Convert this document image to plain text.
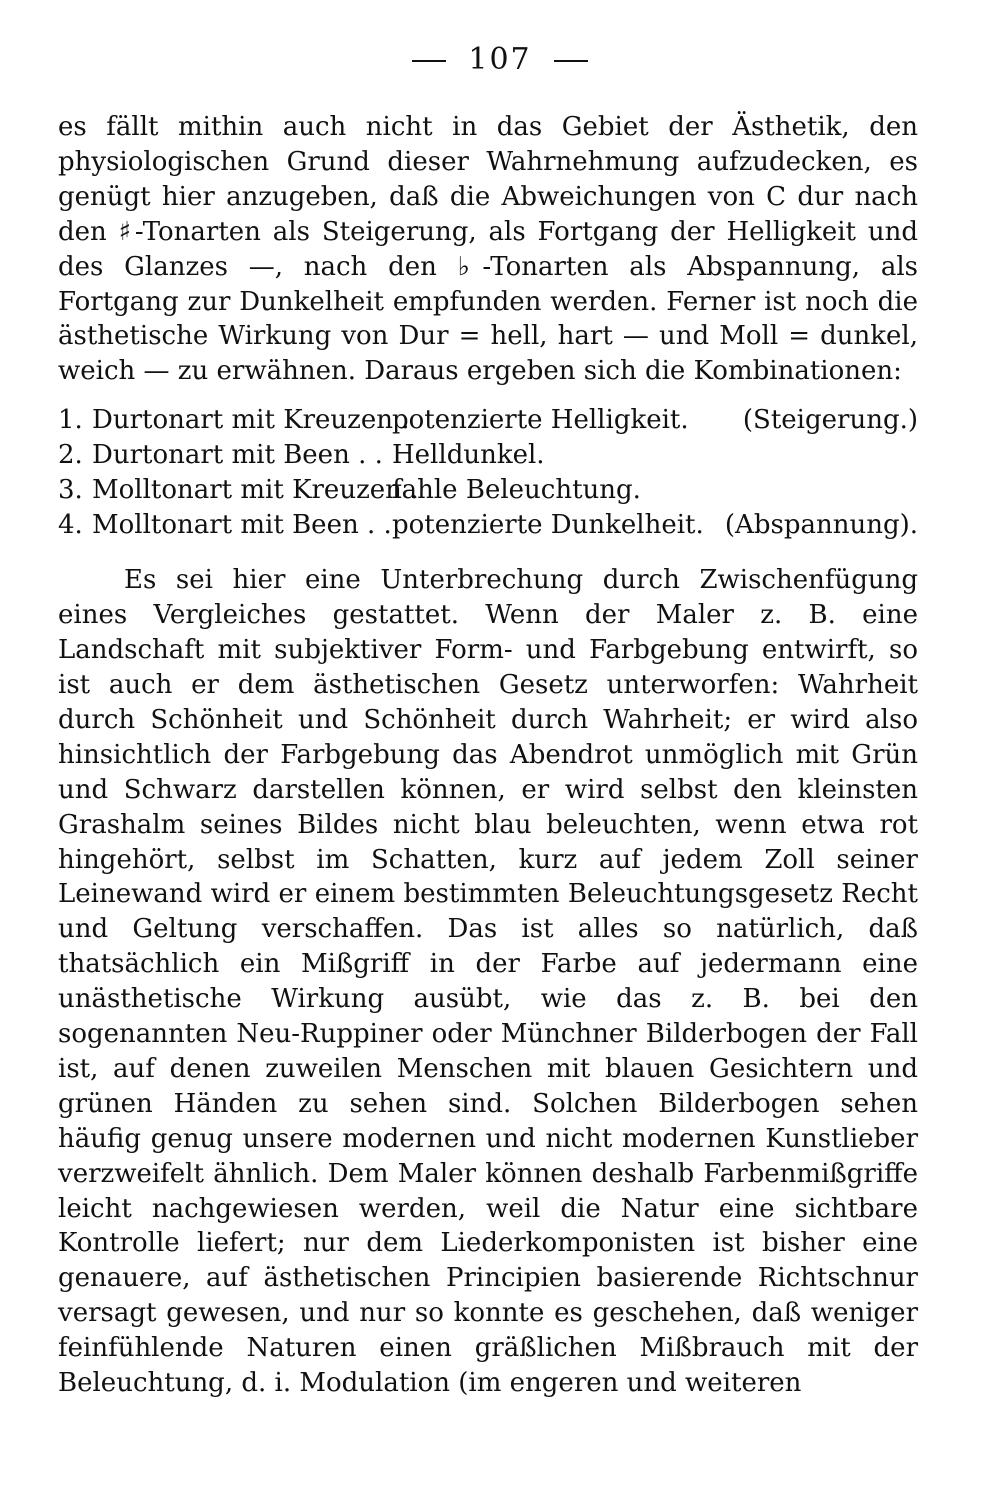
107

es fällt mithin auch nicht in das Gebiet der Ästhetik, den physiologischen Grund dieser Wahrnehmung aufzudecken, es genügt hier anzugeben, daß die Abweichungen von C dur nach den ♯-Tonarten als Steigerung, als Fortgang der Helligkeit und des Glanzes —, nach den ♭-Tonarten als Abspannung, als Fortgang zur Dunkelheit empfunden werden. Ferner ist noch die ästhetische Wirkung von Dur = hell, hart — und Moll = dunkel, weich — zu erwähnen. Daraus ergeben sich die Kombinationen:

1. Durtonart mit Kreuzen .
potenzierte Helligkeit.	(Steigerung.)
2. Durtonart mit Been . . Helldunkel.
3. Molltonart mit Kreuzen .
fahle Beleuchtung.
4. Molltonart mit Been . . potenzierte Dunkelheit. (Abspannung).

Es sei hier eine Unterbrechung durch Zwischenfügung eines Vergleiches gestattet. Wenn der Maler z. B. eine Landschaft mit subjektiver Form- und Farbgebung entwirft, so ist auch er dem ästhetischen Gesetz unterworfen: Wahrheit durch Schönheit und Schönheit durch Wahrheit; er wird also hinsichtlich der Farbgebung das Abendrot unmöglich mit Grün und Schwarz darstellen können, er wird selbst den kleinsten Grashalm seines Bildes nicht blau beleuchten, wenn etwa rot hingehört, selbst im Schatten, kurz auf jedem Zoll seiner Leinewand wird er einem bestimmten Beleuchtungsgesetz Recht und Geltung verschaffen. Das ist alles so natürlich, daß thatsächlich ein Mißgriff in der Farbe auf jedermann eine unästhetische Wirkung ausübt, wie das z. B. bei den sogenannten Neu-Ruppiner oder Münchner Bilderbogen der Fall ist, auf denen zuweilen Menschen mit blauen Gesichtern und grünen Händen zu sehen sind. Solchen Bilderbogen sehen häufig genug unsere modernen und nicht modernen Kunstlieber verzweifelt ähnlich. Dem Maler können deshalb Farbenmißgriffe leicht nachgewiesen werden, weil die Natur eine sichtbare Kontrolle liefert; nur dem Liederkomponisten ist bisher eine genauere, auf ästhetischen Principien basierende Richtschnur versagt gewesen, und nur so konnte es geschehen, daß weniger feinfühlende Naturen einen gräßlichen Mißbrauch mit der Beleuchtung, d. i. Modulation (im engeren und weiteren
